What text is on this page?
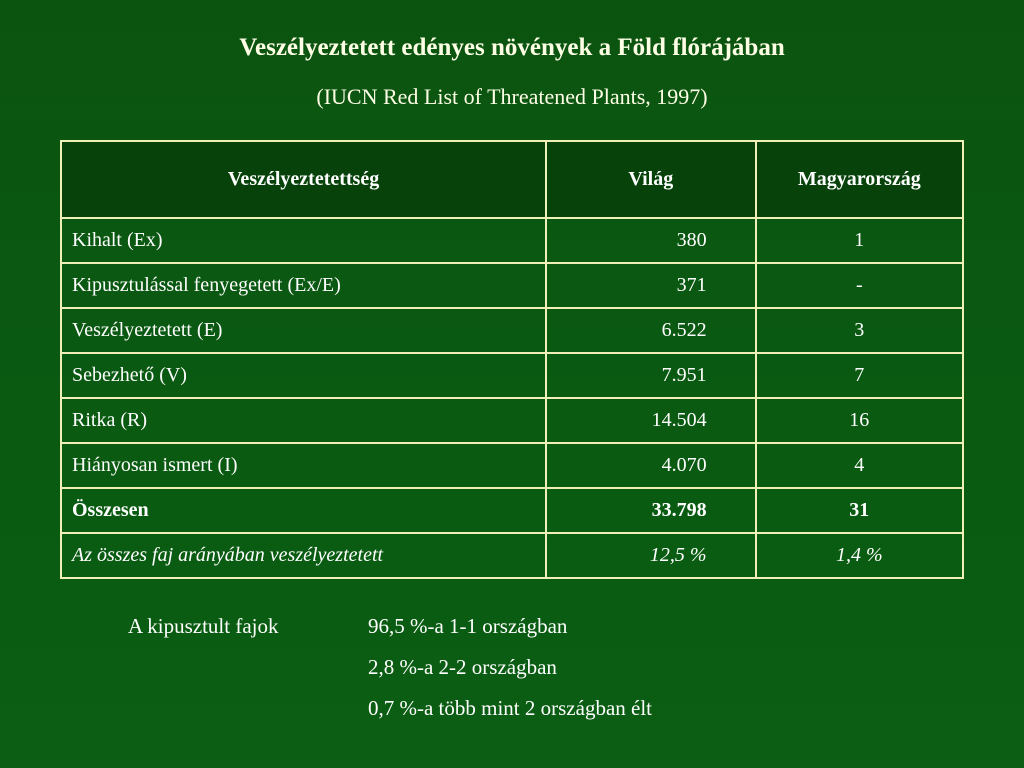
Veszélyeztetett edényes növények a Föld flórájában
(IUCN Red List of Threatened Plants, 1997)
Veszélyeztetettség	Világ	Magyarország
Kihalt (Ex)	380	1
Kipusztulással fenyegetett (Ex/E)	371	-
Veszélyeztetett (E)	6.522	3
Sebezhető (V)	7.951	7
Ritka (R)	14.504	16
Hiányosan ismert (I)	4.070	4
Összesen	33.798	31
Az összes faj arányában veszélyeztetett	12,5 %	1,4 %
A kipusztult fajok	96,5 %-a 1-1 országban
2,8 %-a 2-2 országban
0,7 %-a több mint 2 országban élt
